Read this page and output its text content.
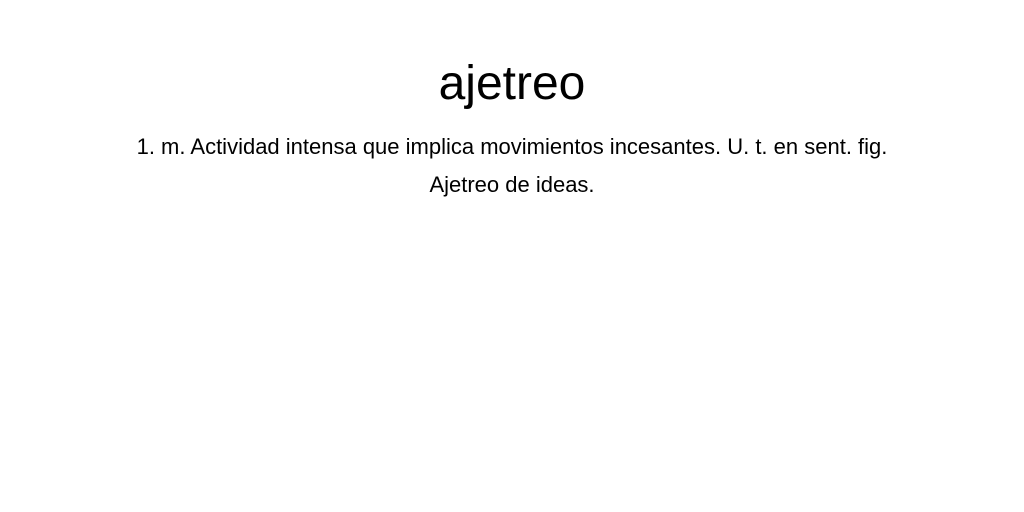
ajetreo

1. m. Actividad intensa que implica movimientos incesantes. U. t. en sent. fig.
Ajetreo de ideas.
